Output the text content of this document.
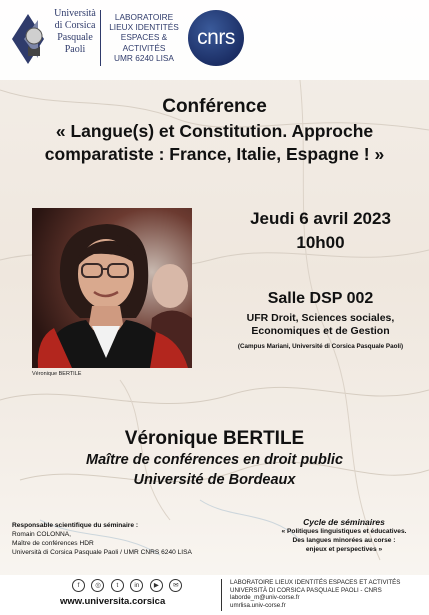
Università
di Corsica
Pasquale
Paoli
LABORATOIRE
LIEUX IDENTITÉS
ESPACES & ACTIVITÉS
UMR 6240 LISA
cnrs
Conférence
« Langue(s) et Constitution. Approche
comparatiste : France, Italie, Espagne ! »
Véronique BERTILE
Jeudi 6 avril 2023
10h00
Salle DSP 002
UFR Droit, Sciences sociales,
Economiques et de Gestion
(Campus Mariani, Université di Corsica Pasquale Paoli)
Véronique BERTILE
Maître de conférences en droit public
Université de Bordeaux
Responsable scientifique du séminaire :
Romain COLONNA,
Maître de conférences HDR
Università di Corsica Pasquale Paoli / UMR CNRS 6240 LISA
Cycle de séminaires
« Politiques linguistiques et éducatives.
Des langues minorées au corse :
enjeux et perspectives »
f	◎	t	in ▶ ✉
www.universita.corsica
LABORATOIRE LIEUX IDENTITÉS ESPACES ET ACTIVITÉS
UNIVERSITÀ DI CORSICA PASQUALE PAOLI - CNRS
laborde_m@univ-corse.fr
umrlisa.univ-corse.fr
